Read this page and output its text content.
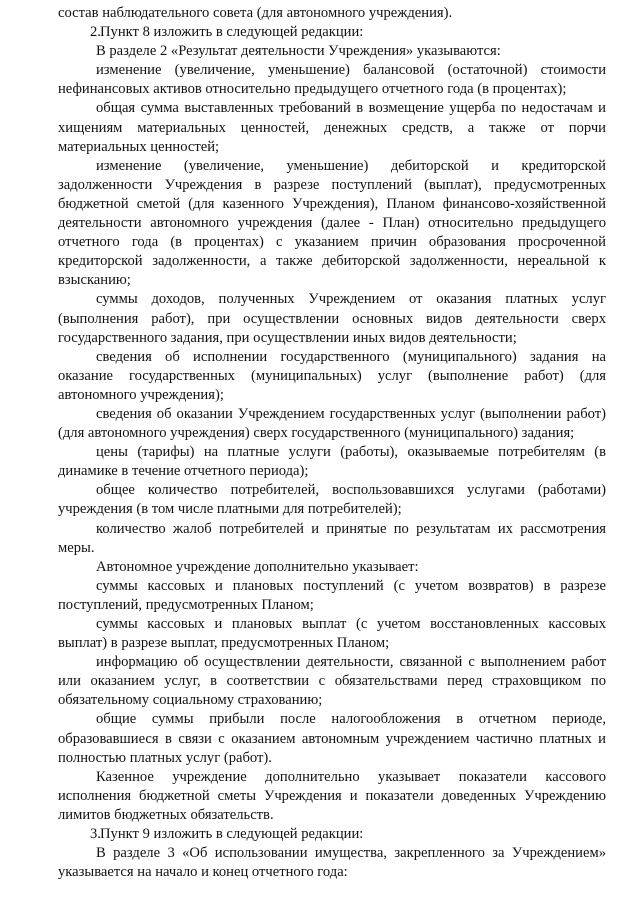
состав наблюдательного совета (для автономного учреждения).

2.Пункт 8 изложить в следующей редакции:

В разделе 2 «Результат деятельности Учреждения» указываются:

изменение (увеличение, уменьшение) балансовой (остаточной) стоимости нефинансовых активов относительно предыдущего отчетного года (в процентах);

общая сумма выставленных требований в возмещение ущерба по недостачам и хищениям материальных ценностей, денежных средств, а также от порчи материальных ценностей;

изменение (увеличение, уменьшение) дебиторской и кредиторской задолженности Учреждения в разрезе поступлений (выплат), предусмотренных бюджетной сметой (для казенного Учреждения), Планом финансово-хозяйственной деятельности автономного учреждения (далее - План) относительно предыдущего отчетного года (в процентах) с указанием причин образования просроченной кредиторской задолженности, а также дебиторской задолженности, нереальной к взысканию;

суммы доходов, полученных Учреждением от оказания платных услуг (выполнения работ), при осуществлении основных видов деятельности сверх государственного задания, при осуществлении иных видов деятельности;

сведения об исполнении государственного (муниципального) задания на оказание государственных (муниципальных) услуг (выполнение работ) (для автономного учреждения);

сведения об оказании Учреждением государственных услуг (выполнении работ) (для автономного учреждения) сверх государственного (муниципального) задания;

цены (тарифы) на платные услуги (работы), оказываемые потребителям (в динамике в течение отчетного периода);

общее количество потребителей, воспользовавшихся услугами (работами) учреждения (в том числе платными для потребителей);

количество жалоб потребителей и принятые по результатам их рассмотрения меры.

Автономное учреждение дополнительно указывает:

суммы кассовых и плановых поступлений (с учетом возвратов) в разрезе поступлений, предусмотренных Планом;

суммы кассовых и плановых выплат (с учетом восстановленных кассовых выплат) в разрезе выплат, предусмотренных Планом;

информацию об осуществлении деятельности, связанной с выполнением работ или оказанием услуг, в соответствии с обязательствами перед страховщиком по обязательному социальному страхованию;

общие суммы прибыли после налогообложения в отчетном периоде, образовавшиеся в связи с оказанием автономным учреждением частично платных и полностью платных услуг (работ).

Казенное учреждение дополнительно указывает показатели кассового исполнения бюджетной сметы Учреждения и показатели доведенных Учреждению лимитов бюджетных обязательств.

3.Пункт 9 изложить в следующей редакции:

В разделе 3 «Об использовании имущества, закрепленного за Учреждением» указывается на начало и конец отчетного года:
